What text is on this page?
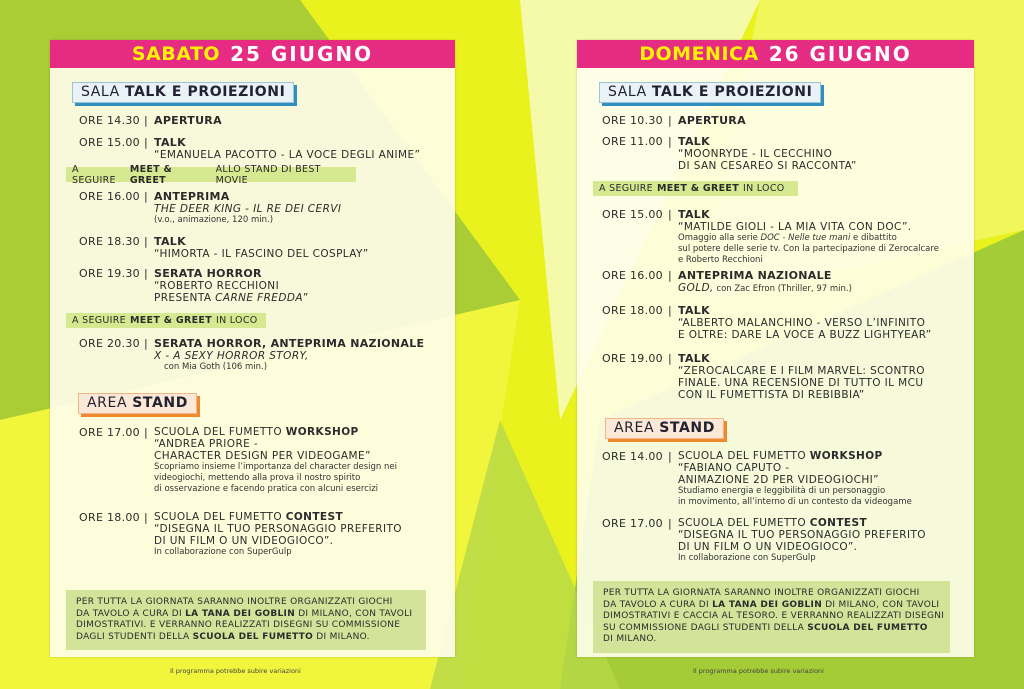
SABATO 25 GIUGNO
SALA TALK E PROIEZIONI
ORE 14.30 | APERTURA
ORE 15.00 | TALK
“EMANUELA PACOTTO - LA VOCE DEGLI ANIME”
A SEGUIRE
MEET & GREET
ALLO STAND DI BEST MOVIE
ORE 16.00 | ANTEPRIMA
THE DEER KING - IL RE DEI CERVI
(v.o., animazione, 120 min.)
ORE 18.30 | TALK
“HIMORTA - IL FASCINO DEL COSPLAY”
ORE 19.30 | SERATA HORROR
“ROBERTO RECCHIONI
PRESENTA CARNE FREDDA”
A SEGUIRE MEET & GREET IN LOCO
ORE 20.30 | SERATA HORROR, ANTEPRIMA NAZIONALE
X - A SEXY HORROR STORY,
con Mia Goth (106 min.)
AREA STAND
ORE 17.00 | SCUOLA DEL FUMETTO WORKSHOP
“ANDREA PRIORE -
CHARACTER DESIGN PER VIDEOGAME”
Scopriamo insieme l’importanza del character design nei
videogiochi, mettendo alla prova il nostro spirito
di osservazione e facendo pratica con alcuni esercizi
ORE 18.00 | SCUOLA DEL FUMETTO CONTEST
“DISEGNA IL TUO PERSONAGGIO PREFERITO
DI UN FILM O UN VIDEOGIOCO”.
In collaborazione con SuperGulp
PER TUTTA LA GIORNATA SARANNO INOLTRE ORGANIZZATI GIOCHI
DA TAVOLO A CURA DI LA TANA DEI GOBLIN DI MILANO, CON TAVOLI
DIMOSTRATIVI. E VERRANNO REALIZZATI DISEGNI SU COMMISSIONE
DAGLI STUDENTI DELLA SCUOLA DEL FUMETTO DI MILANO.
Il programma potrebbe subire variazioni
DOMENICA 26 GIUGNO
SALA TALK E PROIEZIONI
ORE 10.30 | APERTURA
ORE 11.00 | TALK
“MOONRYDE - IL CECCHINO
DI SAN CESAREO SI RACCONTA”
A SEGUIRE MEET & GREET IN LOCO
ORE 15.00 | TALK
“MATILDE GIOLI - LA MIA VITA CON DOC”.
Omaggio alla serie DOC - Nelle tue mani e dibattito
sul potere delle serie tv. Con la partecipazione di Zerocalcare
e Roberto Recchioni
ORE 16.00 | ANTEPRIMA NAZIONALE
GOLD, con Zac Efron (Thriller, 97 min.)
ORE 18.00 | TALK
“ALBERTO MALANCHINO - VERSO L’INFINITO
E OLTRE: DARE LA VOCE A BUZZ LIGHTYEAR”
ORE 19.00 | TALK
“ZEROCALCARE E I FILM MARVEL: SCONTRO
FINALE. UNA RECENSIONE DI TUTTO IL MCU
CON IL FUMETTISTA DI REBIBBIA”
AREA STAND
ORE 14.00 | SCUOLA DEL FUMETTO WORKSHOP
“FABIANO CAPUTO -
ANIMAZIONE 2D PER VIDEOGIOCHI”
Studiamo energia e leggibilità di un personaggio
in movimento, all’interno di un contesto da videogame
ORE 17.00 | SCUOLA DEL FUMETTO CONTEST
“DISEGNA IL TUO PERSONAGGIO PREFERITO
DI UN FILM O UN VIDEOGIOCO”.
In collaborazione con SuperGulp
PER TUTTA LA GIORNATA SARANNO INOLTRE ORGANIZZATI GIOCHI
DA TAVOLO A CURA DI LA TANA DEI GOBLIN DI MILANO, CON TAVOLI
DIMOSTRATIVI E CACCIA AL TESORO. E VERRANNO REALIZZATI DISEGNI
SU COMMISSIONE DAGLI STUDENTI DELLA SCUOLA DEL FUMETTO
DI MILANO.
Il programma potrebbe subire variazioni
